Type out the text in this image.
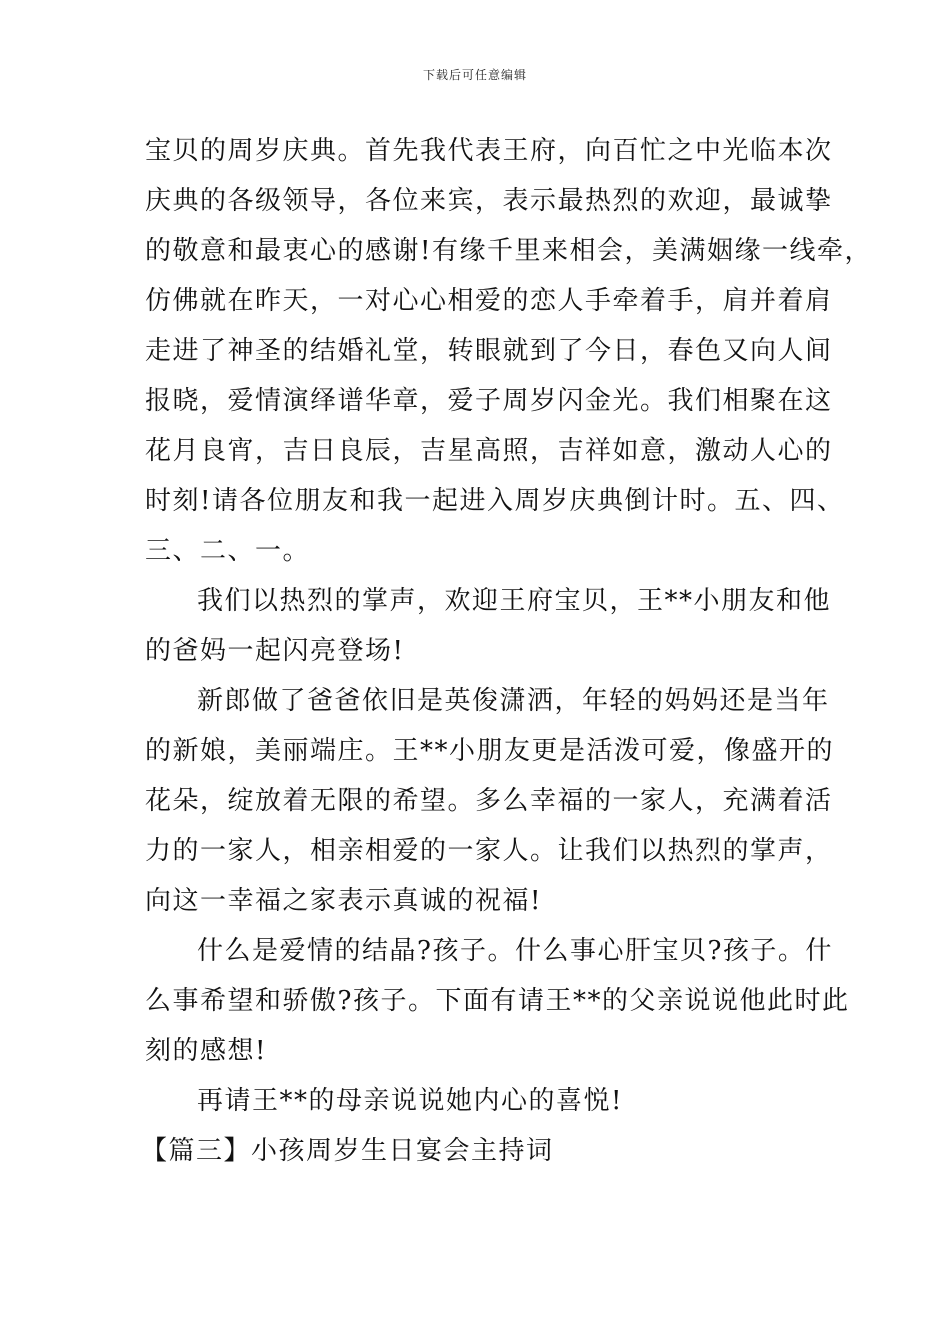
下载后可任意编辑
宝贝的周岁庆典。首先我代表王府，向百忙之中光临本次
庆典的各级领导，各位来宾，表示最热烈的欢迎，最诚挚
的敬意和最衷心的感谢!有缘千里来相会，美满姻缘一线牵，
仿佛就在昨天，一对心心相爱的恋人手牵着手，肩并着肩
走进了神圣的结婚礼堂，转眼就到了今日，春色又向人间
报晓，爱情演绎谱华章，爱子周岁闪金光。我们相聚在这
花月良宵，吉日良辰，吉星高照，吉祥如意，激动人心的
时刻!请各位朋友和我一起进入周岁庆典倒计时。五、四、
三、二、一。
我们以热烈的掌声，欢迎王府宝贝，王**小朋友和他
的爸妈一起闪亮登场!
新郎做了爸爸依旧是英俊潇洒，年轻的妈妈还是当年
的新娘，美丽端庄。王**小朋友更是活泼可爱，像盛开的
花朵，绽放着无限的希望。多么幸福的一家人，充满着活
力的一家人，相亲相爱的一家人。让我们以热烈的掌声，
向这一幸福之家表示真诚的祝福!
什么是爱情的结晶?孩子。什么事心肝宝贝?孩子。什
么事希望和骄傲?孩子。下面有请王**的父亲说说他此时此
刻的感想!
再请王**的母亲说说她内心的喜悦!
【篇三】小孩周岁生日宴会主持词
